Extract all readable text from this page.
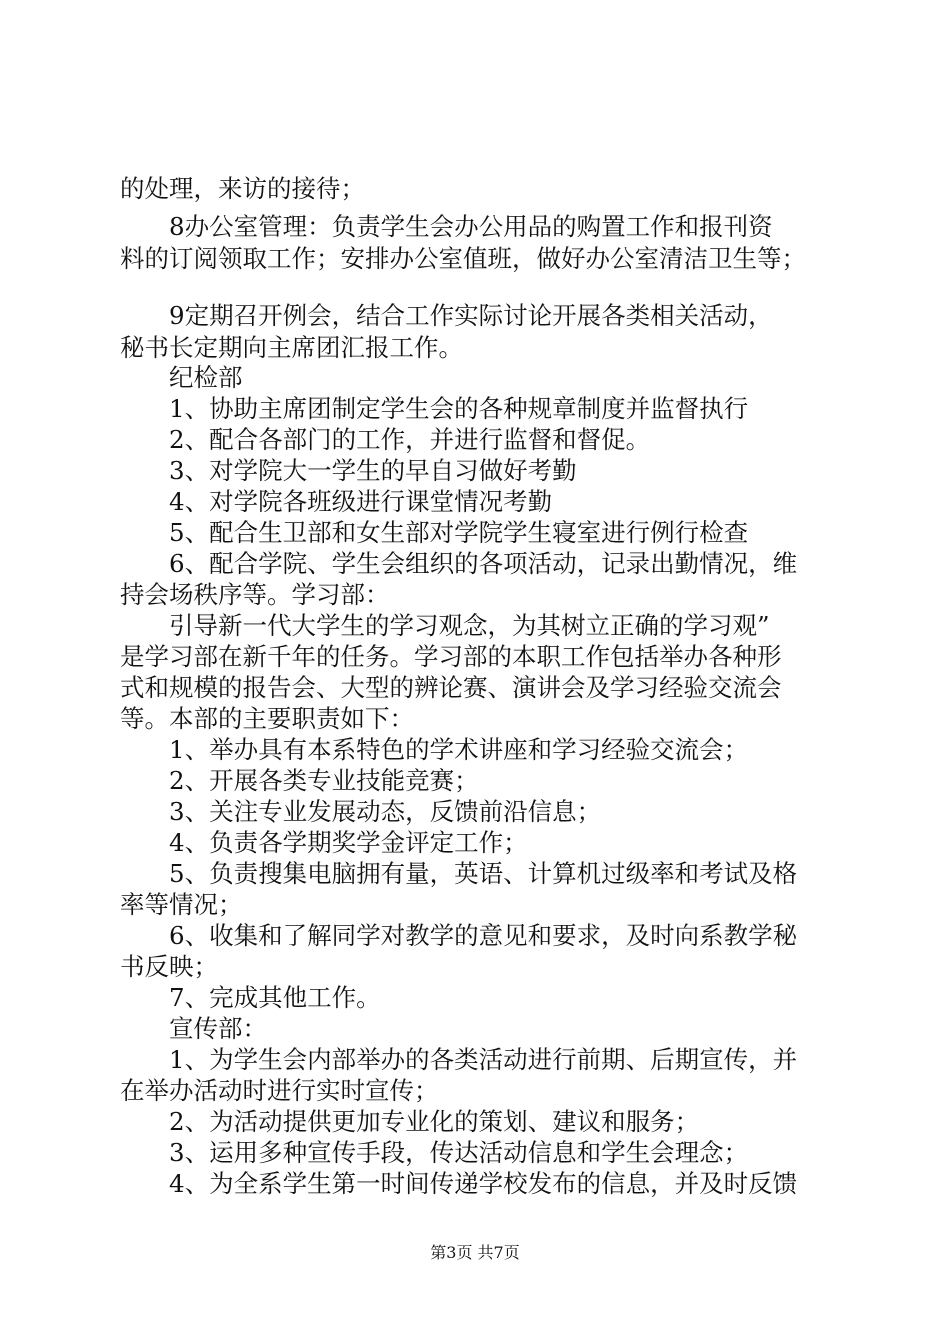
的处理，来访的接待；
　　8办公室管理：负责学生会办公用品的购置工作和报刊资
料的订阅领取工作；安排办公室值班，做好办公室清洁卫生等；
　　9定期召开例会，结合工作实际讨论开展各类相关活动，
秘书长定期向主席团汇报工作。
　　纪检部
　　1、协助主席团制定学生会的各种规章制度并监督执行
　　2、配合各部门的工作，并进行监督和督促。
　　3、对学院大一学生的早自习做好考勤
　　4、对学院各班级进行课堂情况考勤
　　5、配合生卫部和女生部对学院学生寝室进行例行检查
　　6、配合学院、学生会组织的各项活动，记录出勤情况，维
持会场秩序等。学习部：
　　引导新一代大学生的学习观念，为其树立正确的学习观”
是学习部在新千年的任务。学习部的本职工作包括举办各种形
式和规模的报告会、大型的辨论赛、演讲会及学习经验交流会
等。本部的主要职责如下：
　　1、举办具有本系特色的学术讲座和学习经验交流会；
　　2、开展各类专业技能竞赛；
　　3、关注专业发展动态，反馈前沿信息；
　　4、负责各学期奖学金评定工作；
　　5、负责搜集电脑拥有量，英语、计算机过级率和考试及格
率等情况；
　　6、收集和了解同学对教学的意见和要求，及时向系教学秘
书反映；
　　7、完成其他工作。
　　宣传部：
　　1、为学生会内部举办的各类活动进行前期、后期宣传，并
在举办活动时进行实时宣传；
　　2、为活动提供更加专业化的策划、建议和服务；
　　3、运用多种宣传手段，传达活动信息和学生会理念；
　　4、为全系学生第一时间传递学校发布的信息，并及时反馈
第3页 共7页
